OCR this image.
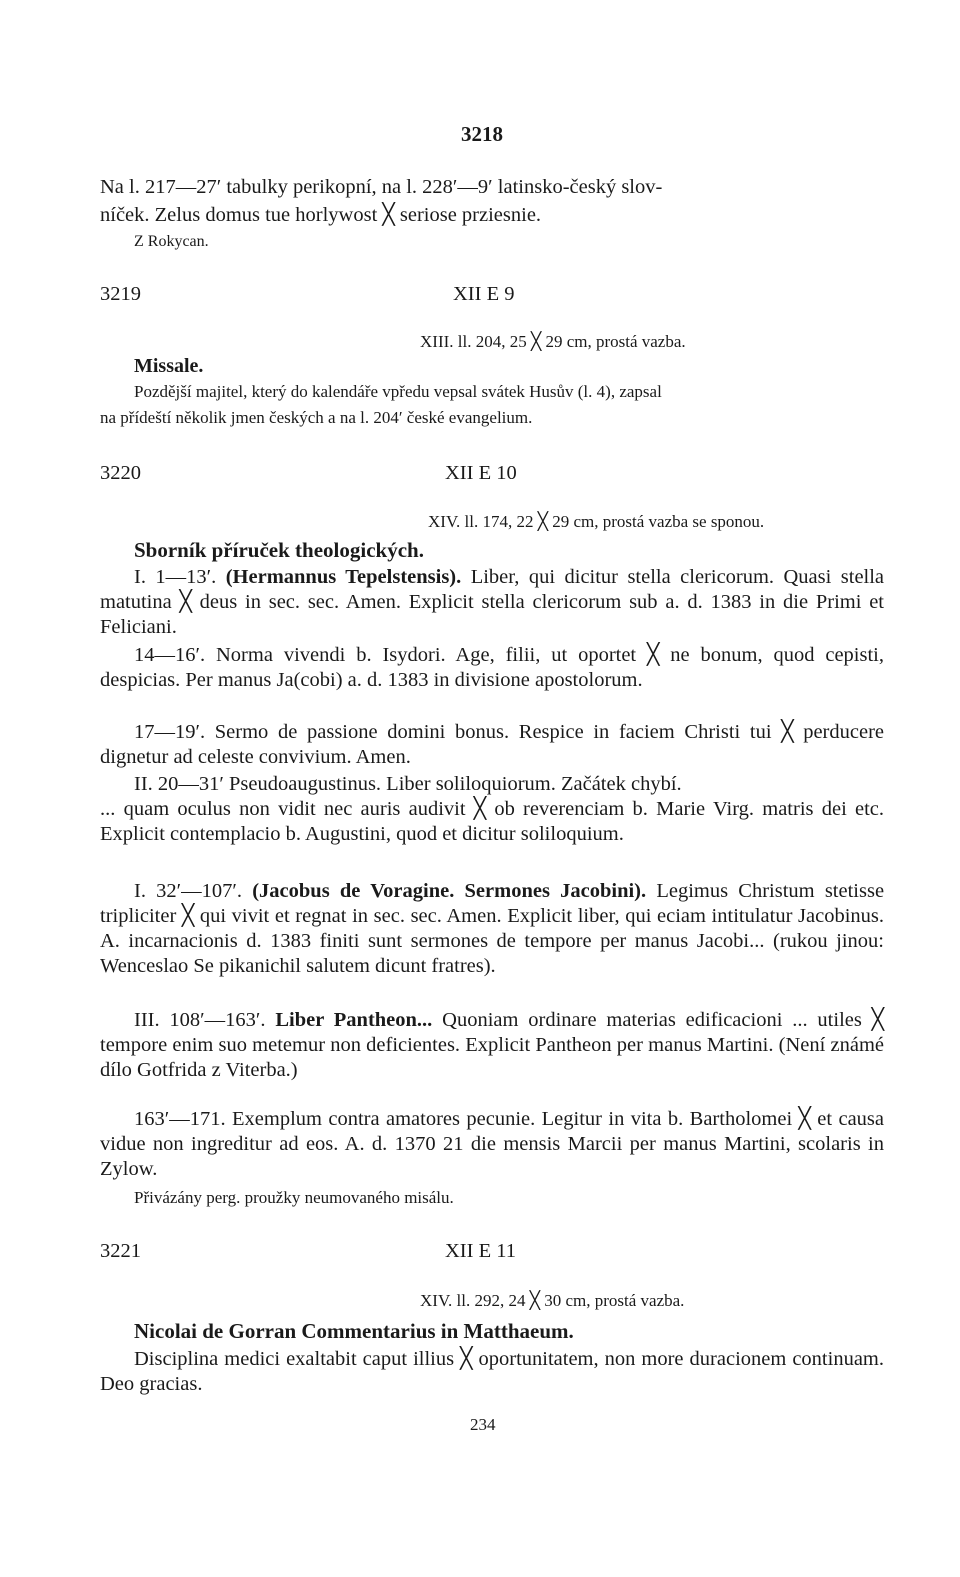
3218
Na l. 217—27′ tabulky perikopní, na l. 228′—9′ latinsko-český slov-
níček. Zelus domus tue horlywost ╳ seriose prziesnie.
Z Rokycan.
3219	XII E 9
XIII. ll. 204, 25 ╳ 29 cm, prostá vazba.
Missale.
Pozdější majitel, který do kalendáře vpředu vepsal svátek Husův (l. 4), zapsal
na přídeští několik jmen českých a na l. 204′ české evangelium.
3220	XII E 10
XIV. ll. 174, 22 ╳ 29 cm, prostá vazba se sponou.
Sborník příruček theologických.

I. 1—13′. (Hermannus Tepelstensis). Liber, qui dicitur stella clericorum. Quasi stella matutina ╳ deus in sec. sec. Amen. Explicit stella clericorum sub a. d. 1383 in die Primi et Feliciani.

14—16′. Norma vivendi b. Isydori. Age, filii, ut oportet ╳ ne bonum, quod cepisti, despicias. Per manus Ja(cobi) a. d. 1383 in divisione apostolorum.

17—19′. Sermo de passione domini bonus. Respice in faciem Christi tui ╳ perducere dignetur ad celeste convivium. Amen.

II. 20—31′ Pseudoaugustinus. Liber soliloquiorum. Začátek chybí.

... quam oculus non vidit nec auris audivit ╳ ob reverenciam b. Marie Virg. matris dei etc. Explicit contemplacio b. Augustini, quod et dicitur soliloquium.

I. 32′—107′. (Jacobus de Voragine. Sermones Jacobini). Legimus Christum stetisse tripliciter ╳ qui vivit et regnat in sec. sec. Amen. Explicit liber, qui eciam intitulatur Jacobinus. A. incarnacionis d. 1383 finiti sunt sermones de tempore per manus Jacobi... (rukou jinou: Wenceslao Se pikanichil salutem dicunt fratres).

III. 108′—163′. Liber Pantheon... Quoniam ordinare materias edificacioni ... utiles ╳ tempore enim suo metemur non deficientes. Explicit Pantheon per manus Martini. (Není známé dílo Gotfrida z Viterba.)

163′—171. Exemplum contra amatores pecunie. Legitur in vita b. Bartholomei ╳ et causa vidue non ingreditur ad eos. A. d. 1370 21 die mensis Marcii per manus Martini, scolaris in Zylow.

Přivázány perg. proužky neumovaného misálu.
3221	XII E 11
XIV. ll. 292, 24 ╳ 30 cm, prostá vazba.
Nicolai de Gorran Commentarius in Matthaeum.

Disciplina medici exaltabit caput illius ╳ oportunitatem, non more duracionem continuam. Deo gracias.

234
